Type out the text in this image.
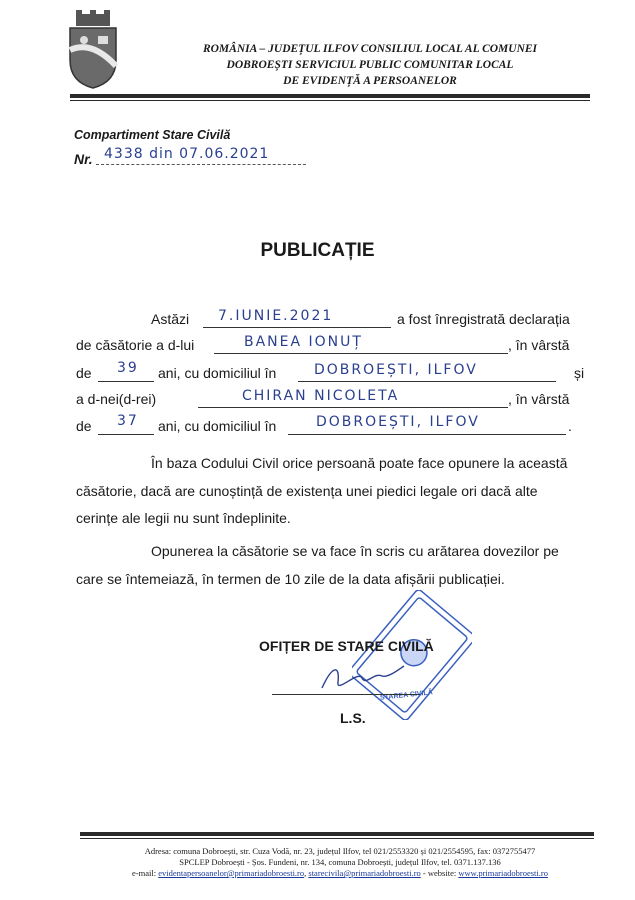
ROMÂNIA – JUDEȚUL ILFOV CONSILIUL LOCAL AL COMUNEI
DOBROEȘTI SERVICIUL PUBLIC COMUNITAR LOCAL
DE EVIDENȚĂ A PERSOANELOR
Compartiment Stare Civilă
Nr. 4338 din 07.06.2021
PUBLICAȚIE
Astăzi 7.IUNIE.2021	a fost înregistrată declarația
de căsătorie a d-lui	BANEA IONUȚ	, în vârstă
de 39 ani, cu domiciliul în	DOBROEȘTI, ILFOV	și
a d-nei(d-rei)	CHIRAN NICOLETA	, în vârstă
de 37 ani, cu domiciliul în	DOBROEȘTI, ILFOV	.
În baza Codului Civil orice persoană poate face opunere la această
căsătorie, dacă are cunoștință de existența unei piedici legale ori dacă alte
cerințe ale legii nu sunt îndeplinite.
Opunerea la căsătorie se va face în scris cu arătarea dovezilor pe
care se întemeiază, în termen de 10 zile de la data afișării publicației.
STAREA CIVILĂ
OFIȚER DE STARE CIVILĂ
L.S.
Adresa: comuna Dobroești, str. Cuza Vodă, nr. 23, județul Ilfov, tel 021/2553320 și 021/2554595, fax: 0372755477
SPCLEP Dobroești - Șos. Fundeni, nr. 134, comuna Dobroești, județul Ilfov, tel. 0371.137.136
e-mail: evidentapersoanelor@primariadobroesti.ro, starecivila@primariadobroesti.ro - website: www.primariadobroesti.ro
